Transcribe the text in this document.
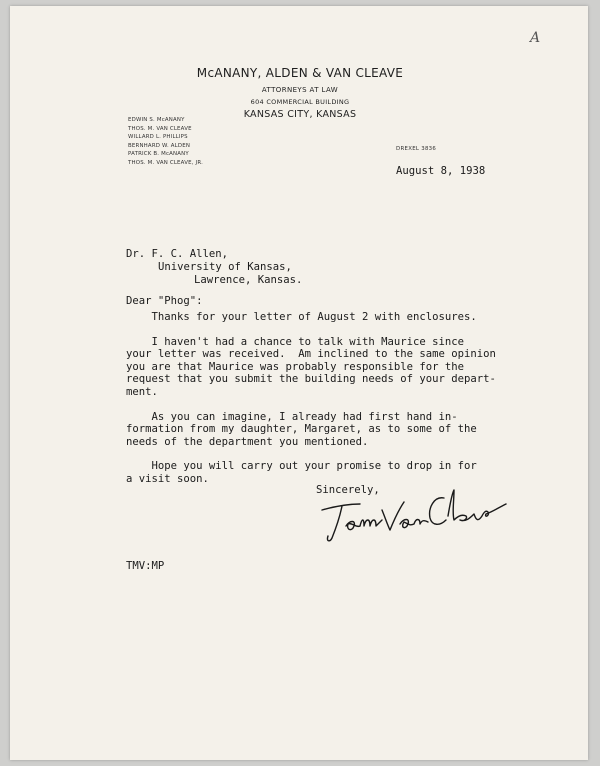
A
McANANY, ALDEN & VAN CLEAVE
ATTORNEYS AT LAW
604 COMMERCIAL BUILDING
KANSAS CITY, KANSAS
EDWIN S. McANANY
THOS. M. VAN CLEAVE
WILLARD L. PHILLIPS
BERNHARD W. ALDEN
PATRICK B. McANANY
THOS. M. VAN CLEAVE, JR.
DREXEL 3836
August 8, 1938
Dr. F. C. Allen,
University of Kansas,
Lawrence, Kansas.
Dear "Phog":

Thanks for your letter of August 2 with enclosures.

I haven't had a chance to talk with Maurice since
your letter was received.  Am inclined to the same opinion
you are that Maurice was probably responsible for the
request that you submit the building needs of your depart-
ment.

As you can imagine, I already had first hand in-
formation from my daughter, Margaret, as to some of the
needs of the department you mentioned.

Hope you will carry out your promise to drop in for
a visit soon.

Sincerely,
TMV:MP
